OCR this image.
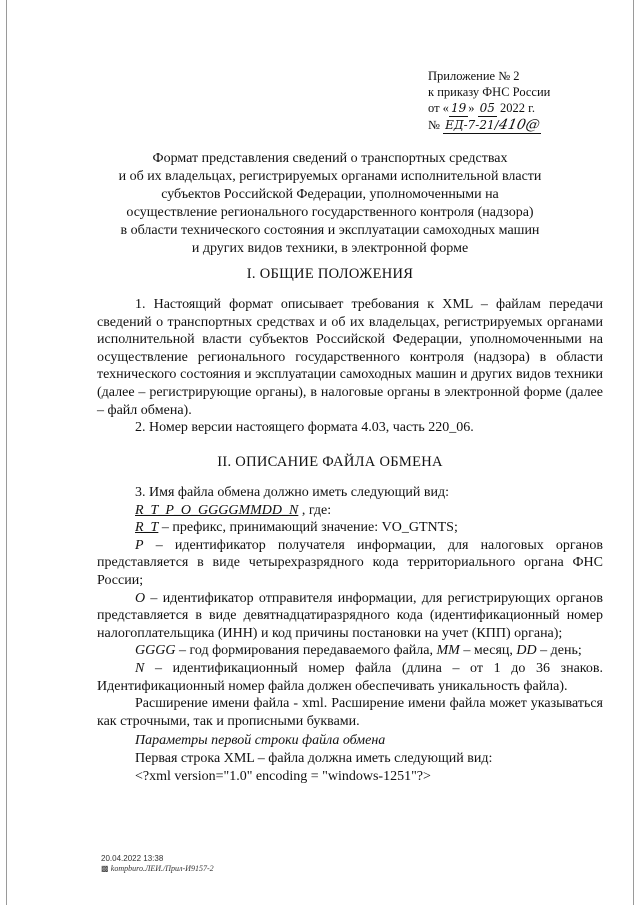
Приложение № 2
к приказу ФНС России
от « 19 » 05 2022 г.
№ ЕД-7-21/410@
Формат представления сведений о транспортных средствах
и об их владельцах, регистрируемых органами исполнительной власти
субъектов Российской Федерации, уполномоченными на
осуществление регионального государственного контроля (надзора)
в области технического состояния и эксплуатации самоходных машин
и других видов техники, в электронной форме
I. ОБЩИЕ ПОЛОЖЕНИЯ

1. Настоящий формат описывает требования к XML – файлам передачи сведений о транспортных средствах и об их владельцах, регистрируемых органами исполнительной власти субъектов Российской Федерации, уполномоченными на осуществление регионального государственного контроля (надзора) в области технического состояния и эксплуатации самоходных машин и других видов техники (далее – регистрирующие органы), в налоговые органы в электронной форме (далее – файл обмена).

2. Номер версии настоящего формата 4.03, часть 220_06.

II. ОПИСАНИЕ ФАЙЛА ОБМЕНА

3. Имя файла обмена должно иметь следующий вид:

R_T_P_O_GGGGMMDD_N , где:

R_T – префикс, принимающий значение: VO_GTNTS;

P – идентификатор получателя информации, для налоговых органов представляется в виде четырехразрядного кода территориального органа ФНС России;

O – идентификатор отправителя информации, для регистрирующих органов представляется в виде девятнадцатиразрядного кода (идентификационный номер налогоплательщика (ИНН) и код причины постановки на учет (КПП) органа);

GGGG – год формирования передаваемого файла, MM – месяц, DD – день;

N – идентификационный номер файла (длина – от 1 до 36 знаков. Идентификационный номер файла должен обеспечивать уникальность файла).

Расширение имени файла - xml. Расширение имени файла может указываться как строчными, так и прописными буквами.

Параметры первой строки файла обмена

Первая строка XML – файла должна иметь следующий вид:

<?xml version="1.0" encoding = "windows-1251"?>

20.04.2022 13:38
▩ kompburo.ЛЕИ./Прил-И9157-2
